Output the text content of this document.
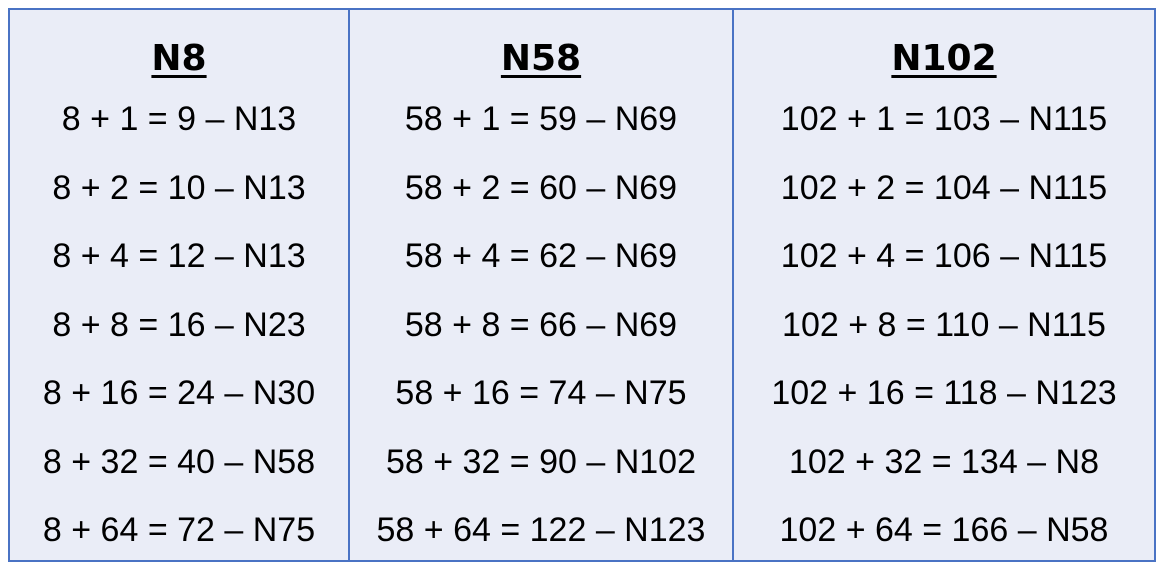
N8
8 + 1 = 9 – N13
8 + 2 = 10 – N13
8 + 4 = 12 – N13
8 + 8 = 16 – N23
8 + 16 = 24 – N30
8 + 32 = 40 – N58
8 + 64 = 72 – N75
N58
58 + 1 = 59 – N69
58 + 2 = 60 – N69
58 + 4 = 62 – N69
58 + 8 = 66 – N69
58 + 16 = 74 – N75
58 + 32 = 90 – N102
58 + 64 = 122 – N123
N102
102 + 1 = 103 – N115
102 + 2 = 104 – N115
102 + 4 = 106 – N115
102 + 8 = 110 – N115
102 + 16 = 118 – N123
102 + 32 = 134 – N8
102 + 64 = 166 – N58
